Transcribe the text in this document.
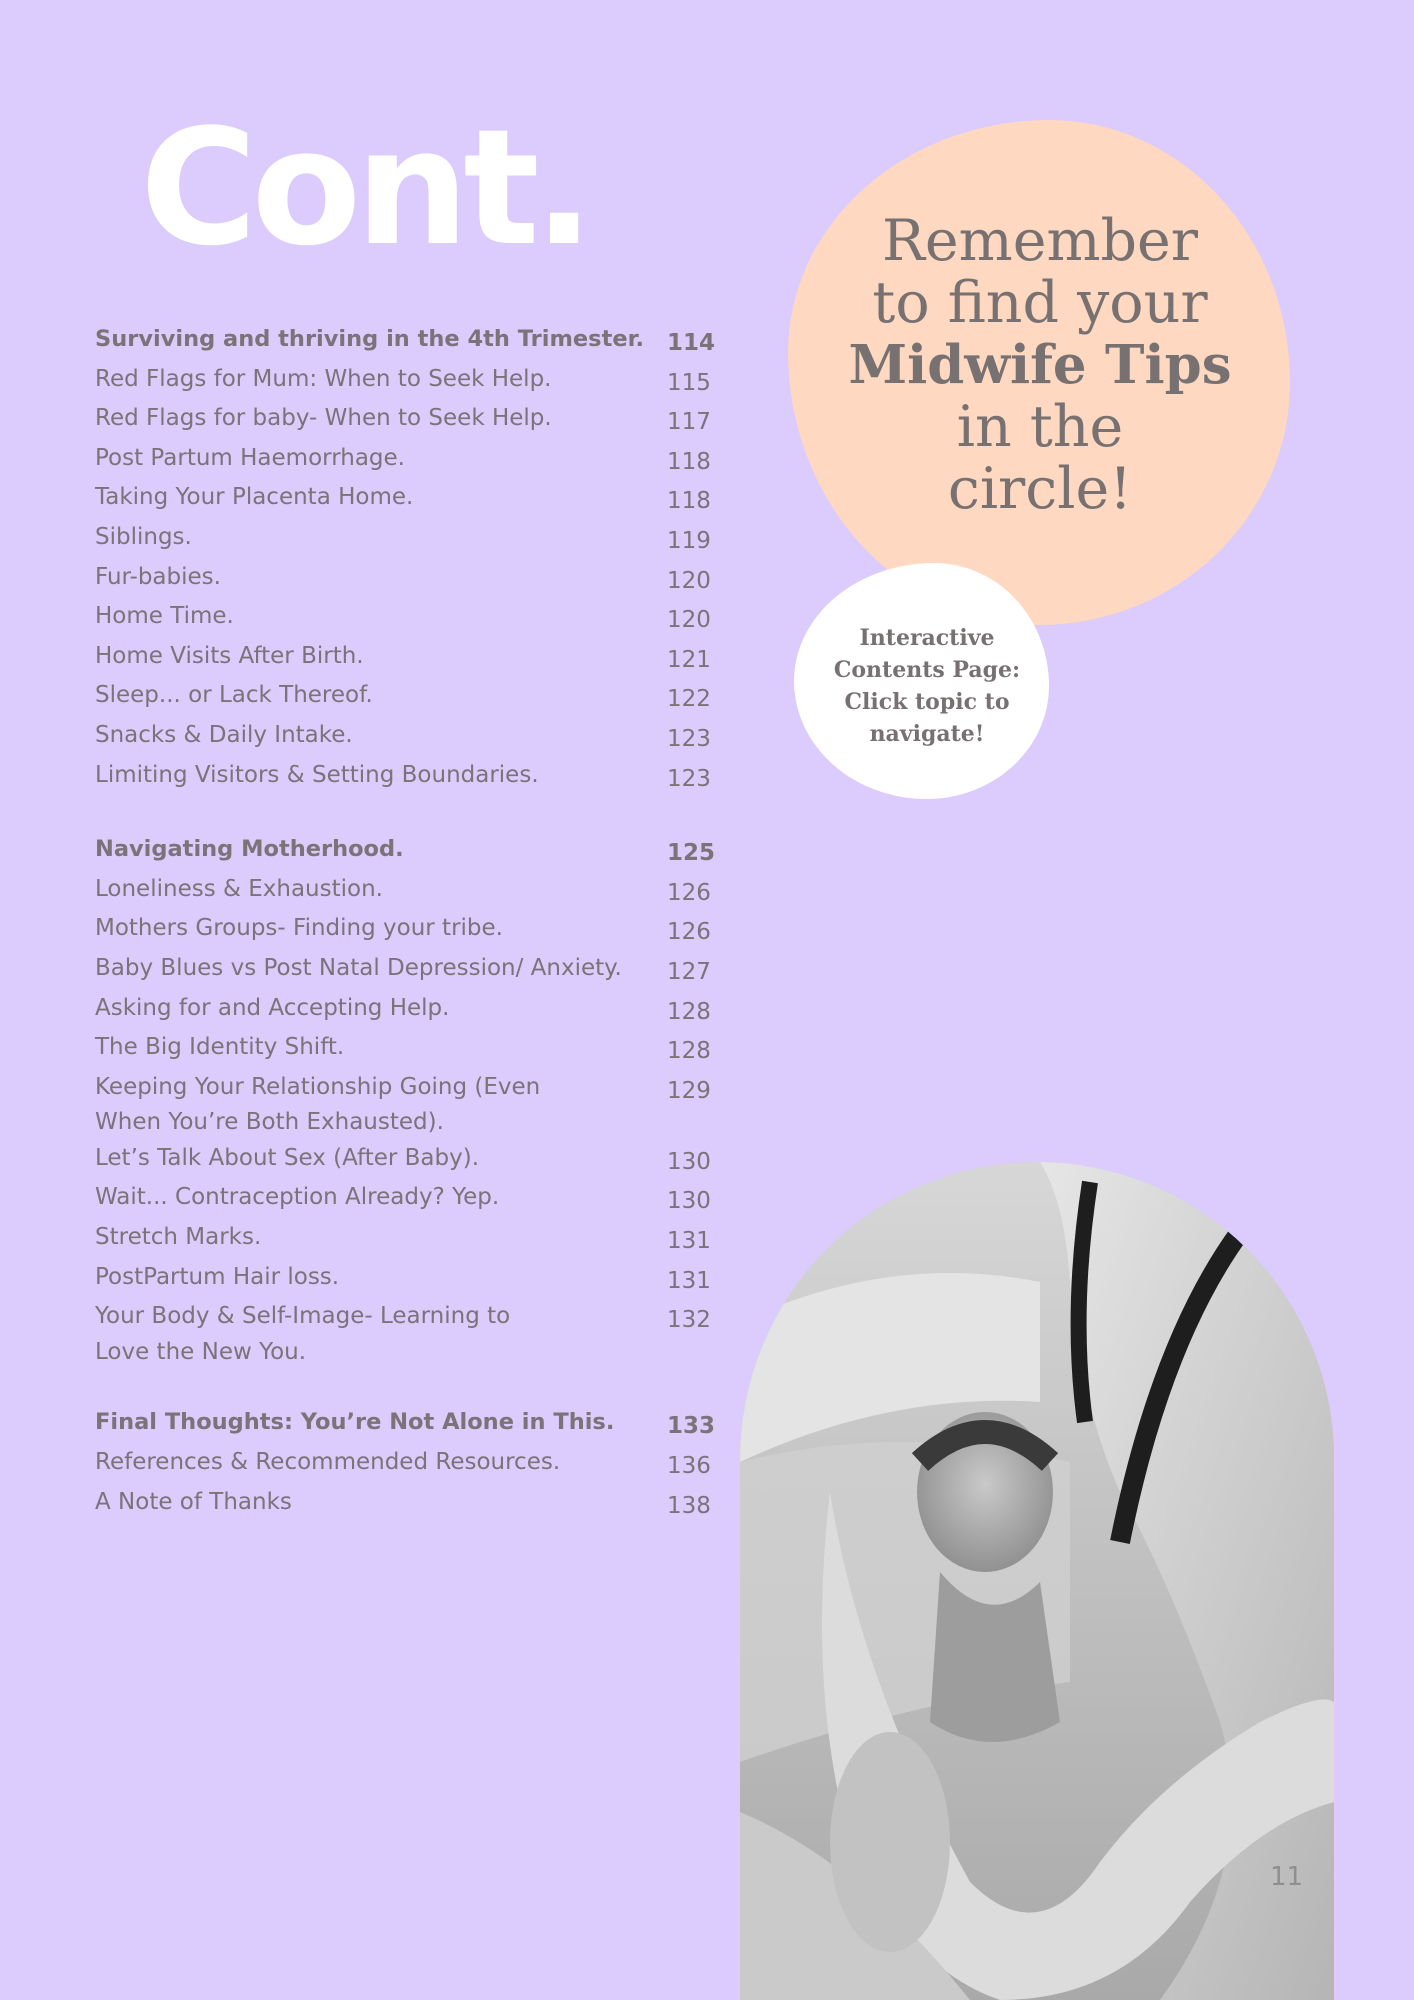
Cont.
Surviving and thriving in the 4th Trimester. 114
Red Flags for Mum: When to Seek Help.	115
Red Flags for baby- When to Seek Help.	117
Post Partum Haemorrhage.	118
Taking Your Placenta Home.	118
Siblings.	119
Fur-babies.	120
Home Time.	120
Home Visits After Birth.	121
Sleep... or Lack Thereof.	122
Snacks & Daily Intake.	123
Limiting Visitors & Setting Boundaries.	123
Navigating Motherhood.	125
Loneliness & Exhaustion.	126
Mothers Groups- Finding your tribe.	126
Baby Blues vs Post Natal Depression/ Anxiety.	127
Asking for and Accepting Help.	128
The Big Identity Shift.	128
Keeping Your Relationship Going (Even
When You’re Both Exhausted).
129
Let’s Talk About Sex (After Baby).	130
Wait... Contraception Already? Yep.	130
Stretch Marks.	131
PostPartum Hair loss.	131
Your Body & Self-Image- Learning to
Love the New You.
132
Final Thoughts: You’re Not Alone in This.	133
References & Recommended Resources.	136
A Note of Thanks	138
Remember
to find your
Midwife Tips
in the
circle!
Interactive
Contents Page:
Click topic to
navigate!
11
